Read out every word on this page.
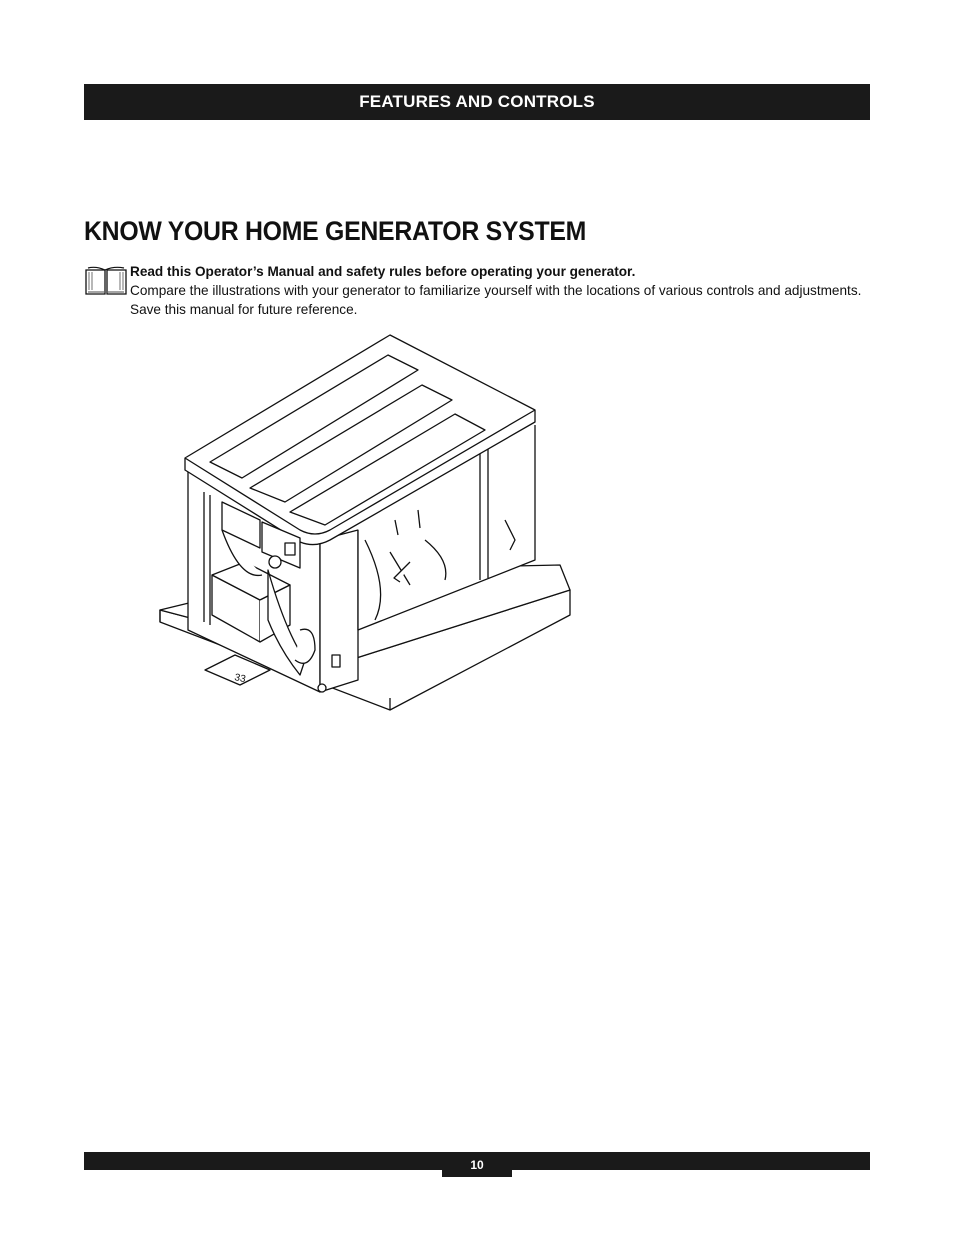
FEATURES AND CONTROLS
KNOW YOUR HOME GENERATOR SYSTEM
Read this Operator’s Manual and safety rules before operating your generator.
Compare the illustrations with your generator to familiarize yourself with the locations of various controls and adjustments. Save this manual for future reference.
33
10
